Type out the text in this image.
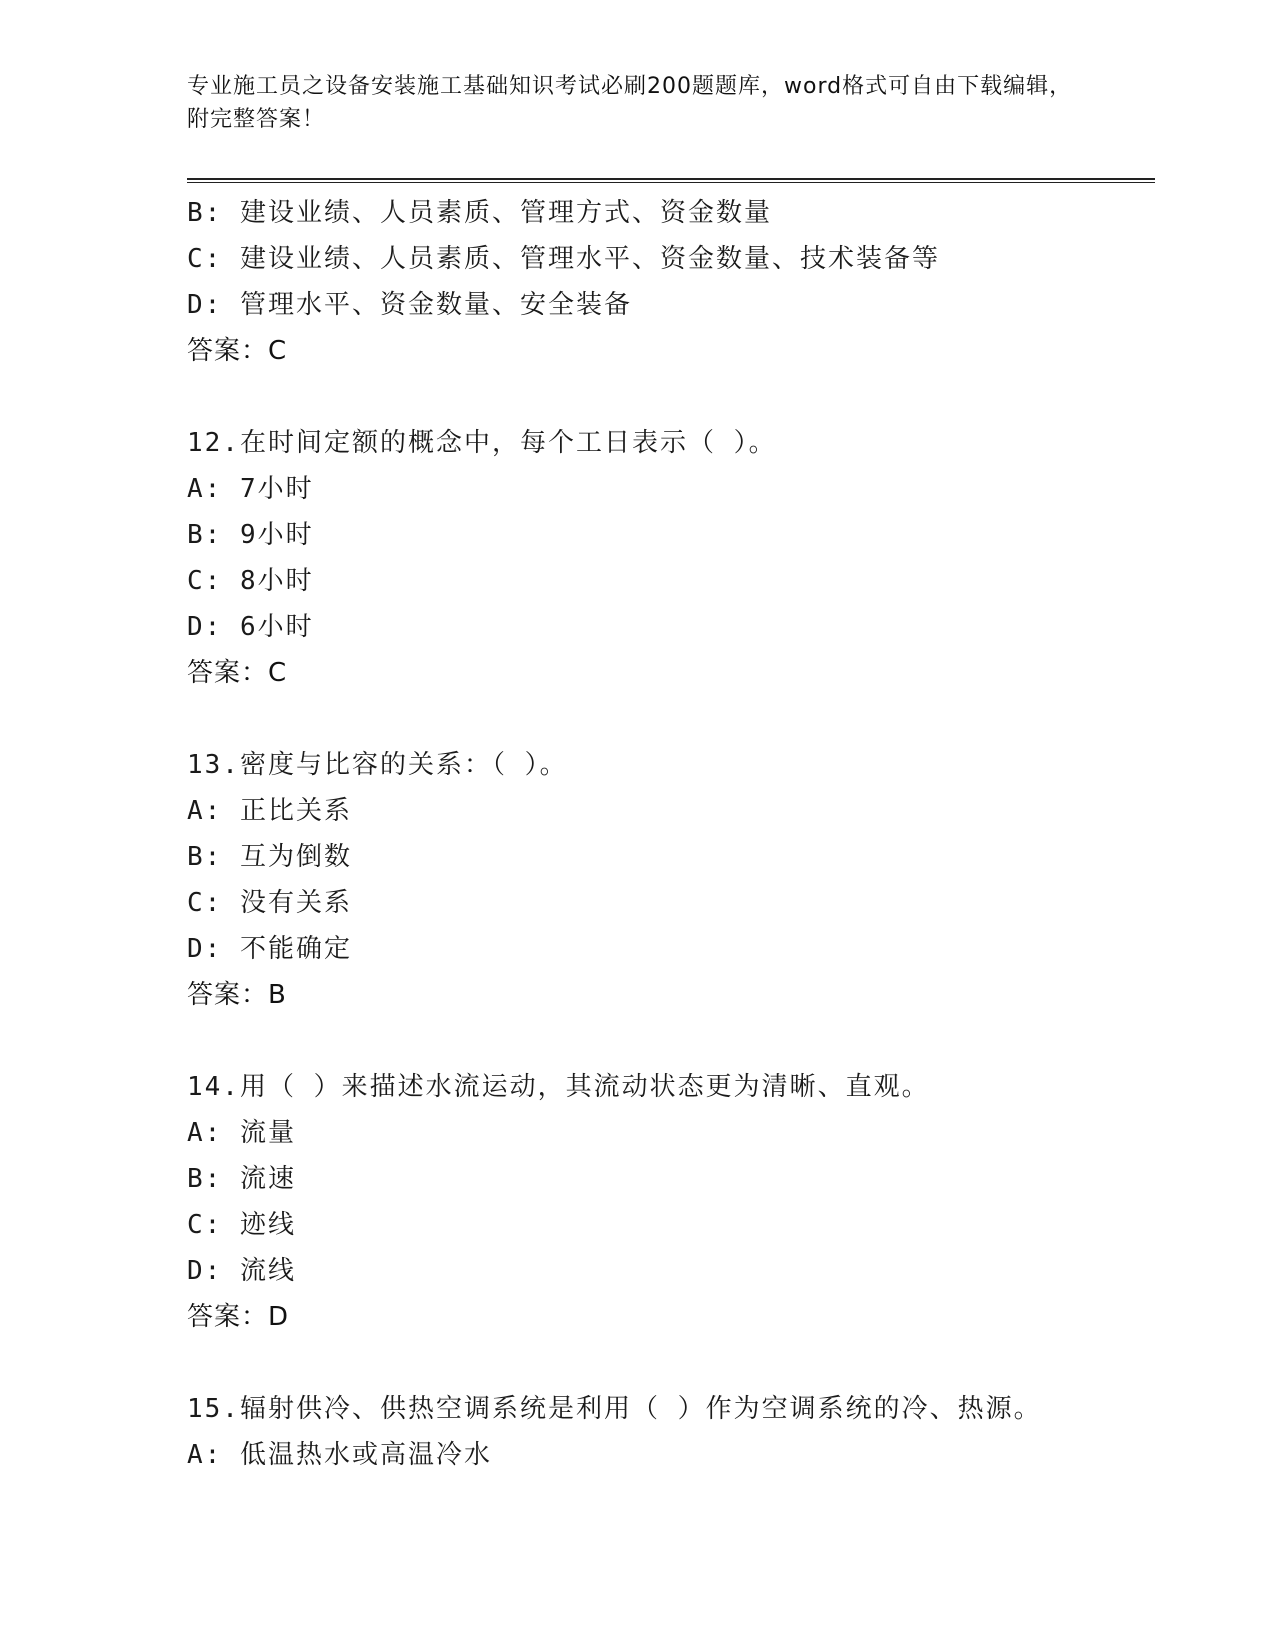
专业施工员之设备安装施工基础知识考试必刷200题题库，word格式可自由下载编辑，附完整答案！
B: 建设业绩、人员素质、管理方式、资金数量
C: 建设业绩、人员素质、管理水平、资金数量、技术装备等
D: 管理水平、资金数量、安全装备
答案：C
12.在时间定额的概念中，每个工日表示（ ）。
A: 7小时
B: 9小时
C: 8小时
D: 6小时
答案：C
13.密度与比容的关系：（ ）。
A: 正比关系
B: 互为倒数
C: 没有关系
D: 不能确定
答案：B
14.用（ ）来描述水流运动，其流动状态更为清晰、直观。
A: 流量
B: 流速
C: 迹线
D: 流线
答案：D
15.辐射供冷、供热空调系统是利用（ ）作为空调系统的冷、热源。
A: 低温热水或高温冷水
